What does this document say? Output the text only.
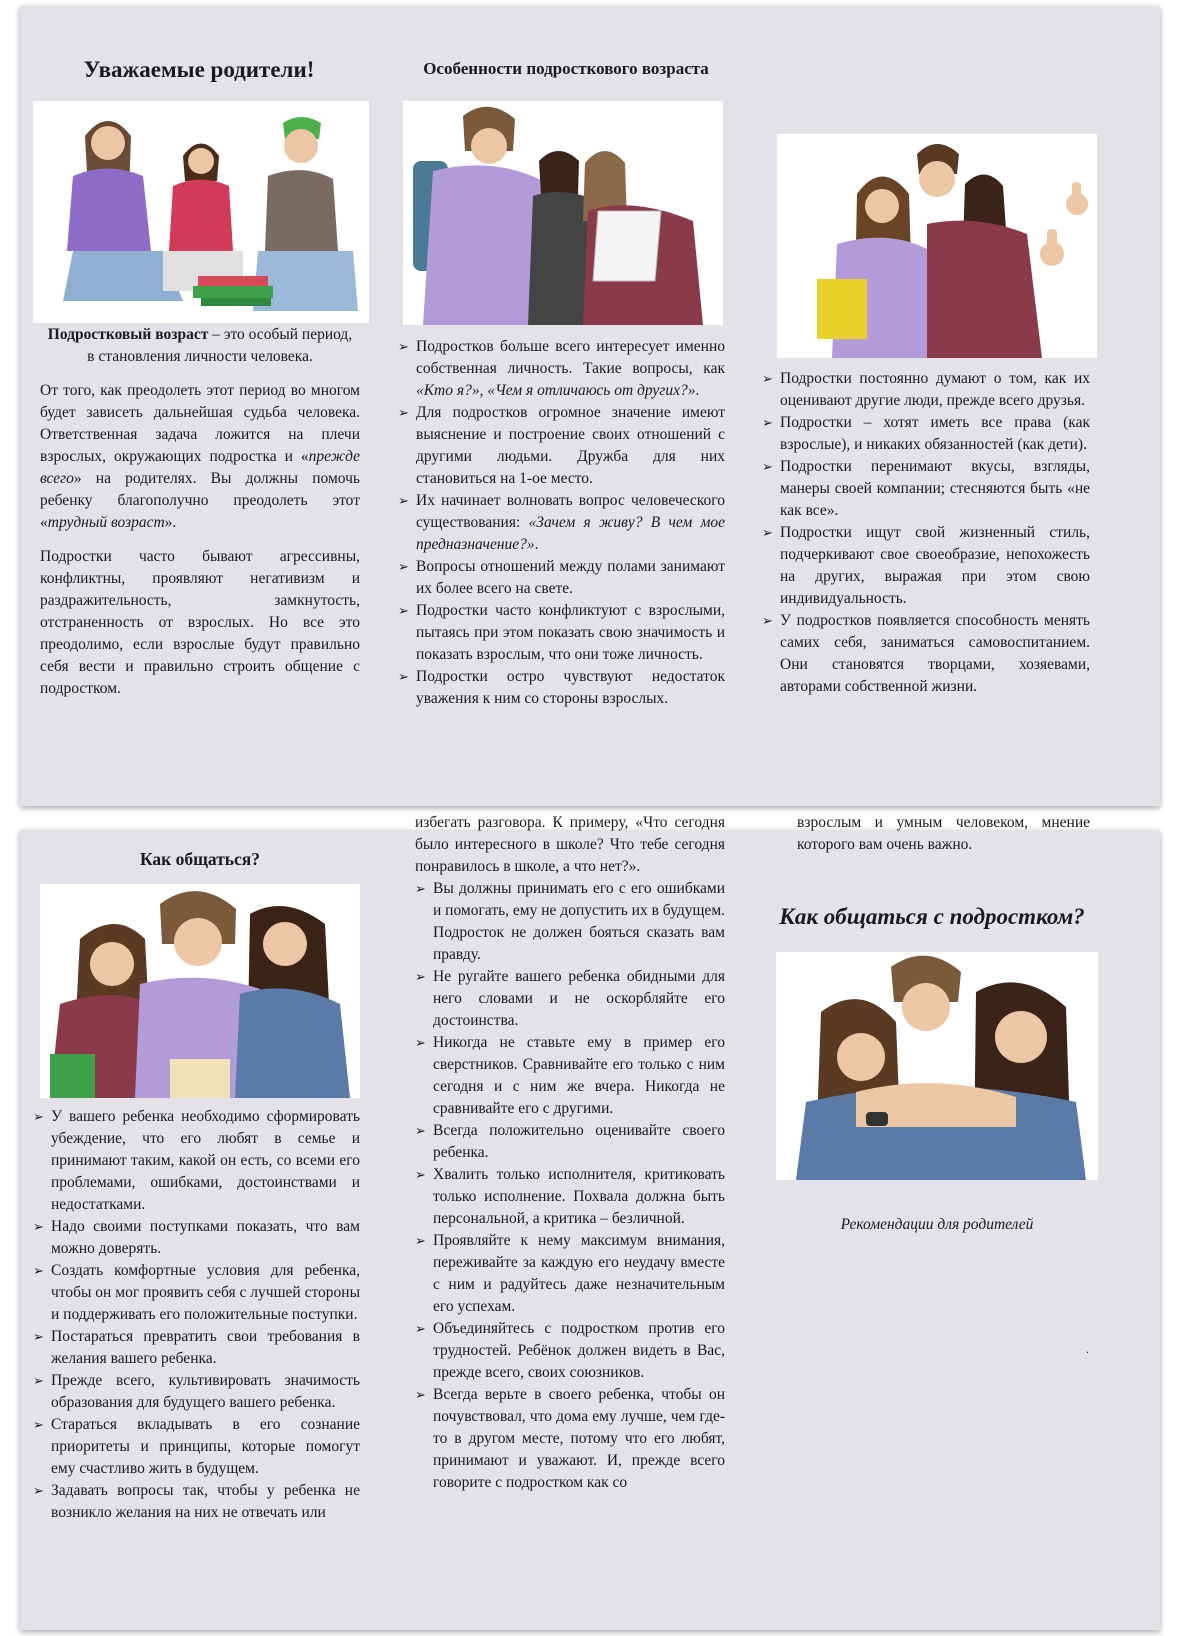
Уважаемые родители!

Подростковый возраст – это особый период,
в становления личности человека.

От того, как преодолеть этот период во многом будет зависеть дальнейшая судьба человека. Ответственная задача ложится на плечи взрослых, окружающих подростка и «прежде всего» на родителях. Вы должны помочь ребенку благополучно преодолеть этот «трудный возраст».

Подростки часто бывают агрессивны, конфликтны, проявляют негативизм и раздражительность, замкнутость, отстраненность от взрослых. Но все это преодолимо, если взрослые будут правильно себя вести и правильно строить общение с подростком.

Особенности подросткового возраста
➢ Подростков больше всего интересует именно собственная личность. Такие вопросы, как «Кто я?», «Чем я отличаюсь от других?».
➢ Для подростков огромное значение имеют выяснение и построение своих отношений с другими людьми. Дружба для них становиться на 1-ое место.
➢ Их начинает волновать вопрос человеческого существования: «Зачем я живу? В чем мое предназначение?».
➢ Вопросы отношений между полами занимают их более всего на свете.
➢ Подростки часто конфликтуют с взрослыми, пытаясь при этом показать свою значимость и показать взрослым, что они тоже личность.
➢ Подростки остро чувствуют недостаток уважения к ним со стороны взрослых.
➢ Подростки постоянно думают о том, как их оценивают другие люди, прежде всего друзья.
➢ Подростки – хотят иметь все права (как взрослые), и никаких обязанностей (как дети).
➢ Подростки перенимают вкусы, взгляды, манеры своей компании; стесняются быть «не как все».
➢ Подростки ищут свой жизненный стиль, подчеркивают свое своеобразие, непохожесть на других, выражая при этом свою индивидуальность.
➢ У подростков появляется способность менять самих себя, заниматься самовоспитанием. Они становятся творцами, хозяевами, авторами собственной жизни.
Как общаться?
➢ У вашего ребенка необходимо сформировать убеждение, что его любят в семье и принимают таким, какой он есть, со всеми его проблемами, ошибками, достоинствами и недостатками.
➢ Надо своими поступками показать, что вам можно доверять.
➢ Создать комфортные условия для ребенка, чтобы он мог проявить себя с лучшей стороны и поддерживать его положительные поступки.
➢ Постараться превратить свои требования в желания вашего ребенка.
➢ Прежде всего, культивировать значимость образования для будущего вашего ребенка.
➢ Стараться вкладывать в его сознание приоритеты и принципы, которые помогут ему счастливо жить в будущем.
➢ Задавать вопросы так, чтобы у ребенка не возникло желания на них не отвечать или

избегать разговора. К примеру, «Что сегодня было интересного в школе? Что тебе сегодня понравилось в школе, а что нет?».

➢ Вы должны принимать его с его ошибками и помогать, ему не допустить их в будущем. Подросток не должен бояться сказать вам правду.
➢ Не ругайте вашего ребенка обидными для него словами и не оскорбляйте его достоинства.
➢ Никогда не ставьте ему в пример его сверстников. Сравнивайте его только с ним сегодня и с ним же вчера. Никогда не сравнивайте его с другими.
➢ Всегда положительно оценивайте своего ребенка.
➢ Хвалить только исполнителя, критиковать только исполнение. Похвала должна быть персональной, а критика – безличной.
➢ Проявляйте к нему максимум внимания, переживайте за каждую его неудачу вместе с ним и радуйтесь даже незначительным его успехам.
➢ Объединяйтесь с подростком против его трудностей. Ребёнок должен видеть в Вас, прежде всего, своих союзников.
➢ Всегда верьте в своего ребенка, чтобы он почувствовал, что дома ему лучше, чем где-то в другом месте, потому что его любят, принимают и уважают. И, прежде всего говорите с подростком как со

взрослым и умным человеком, мнение которого вам очень важно.

Как общаться с подростком?

Рекомендации для родителей

.
